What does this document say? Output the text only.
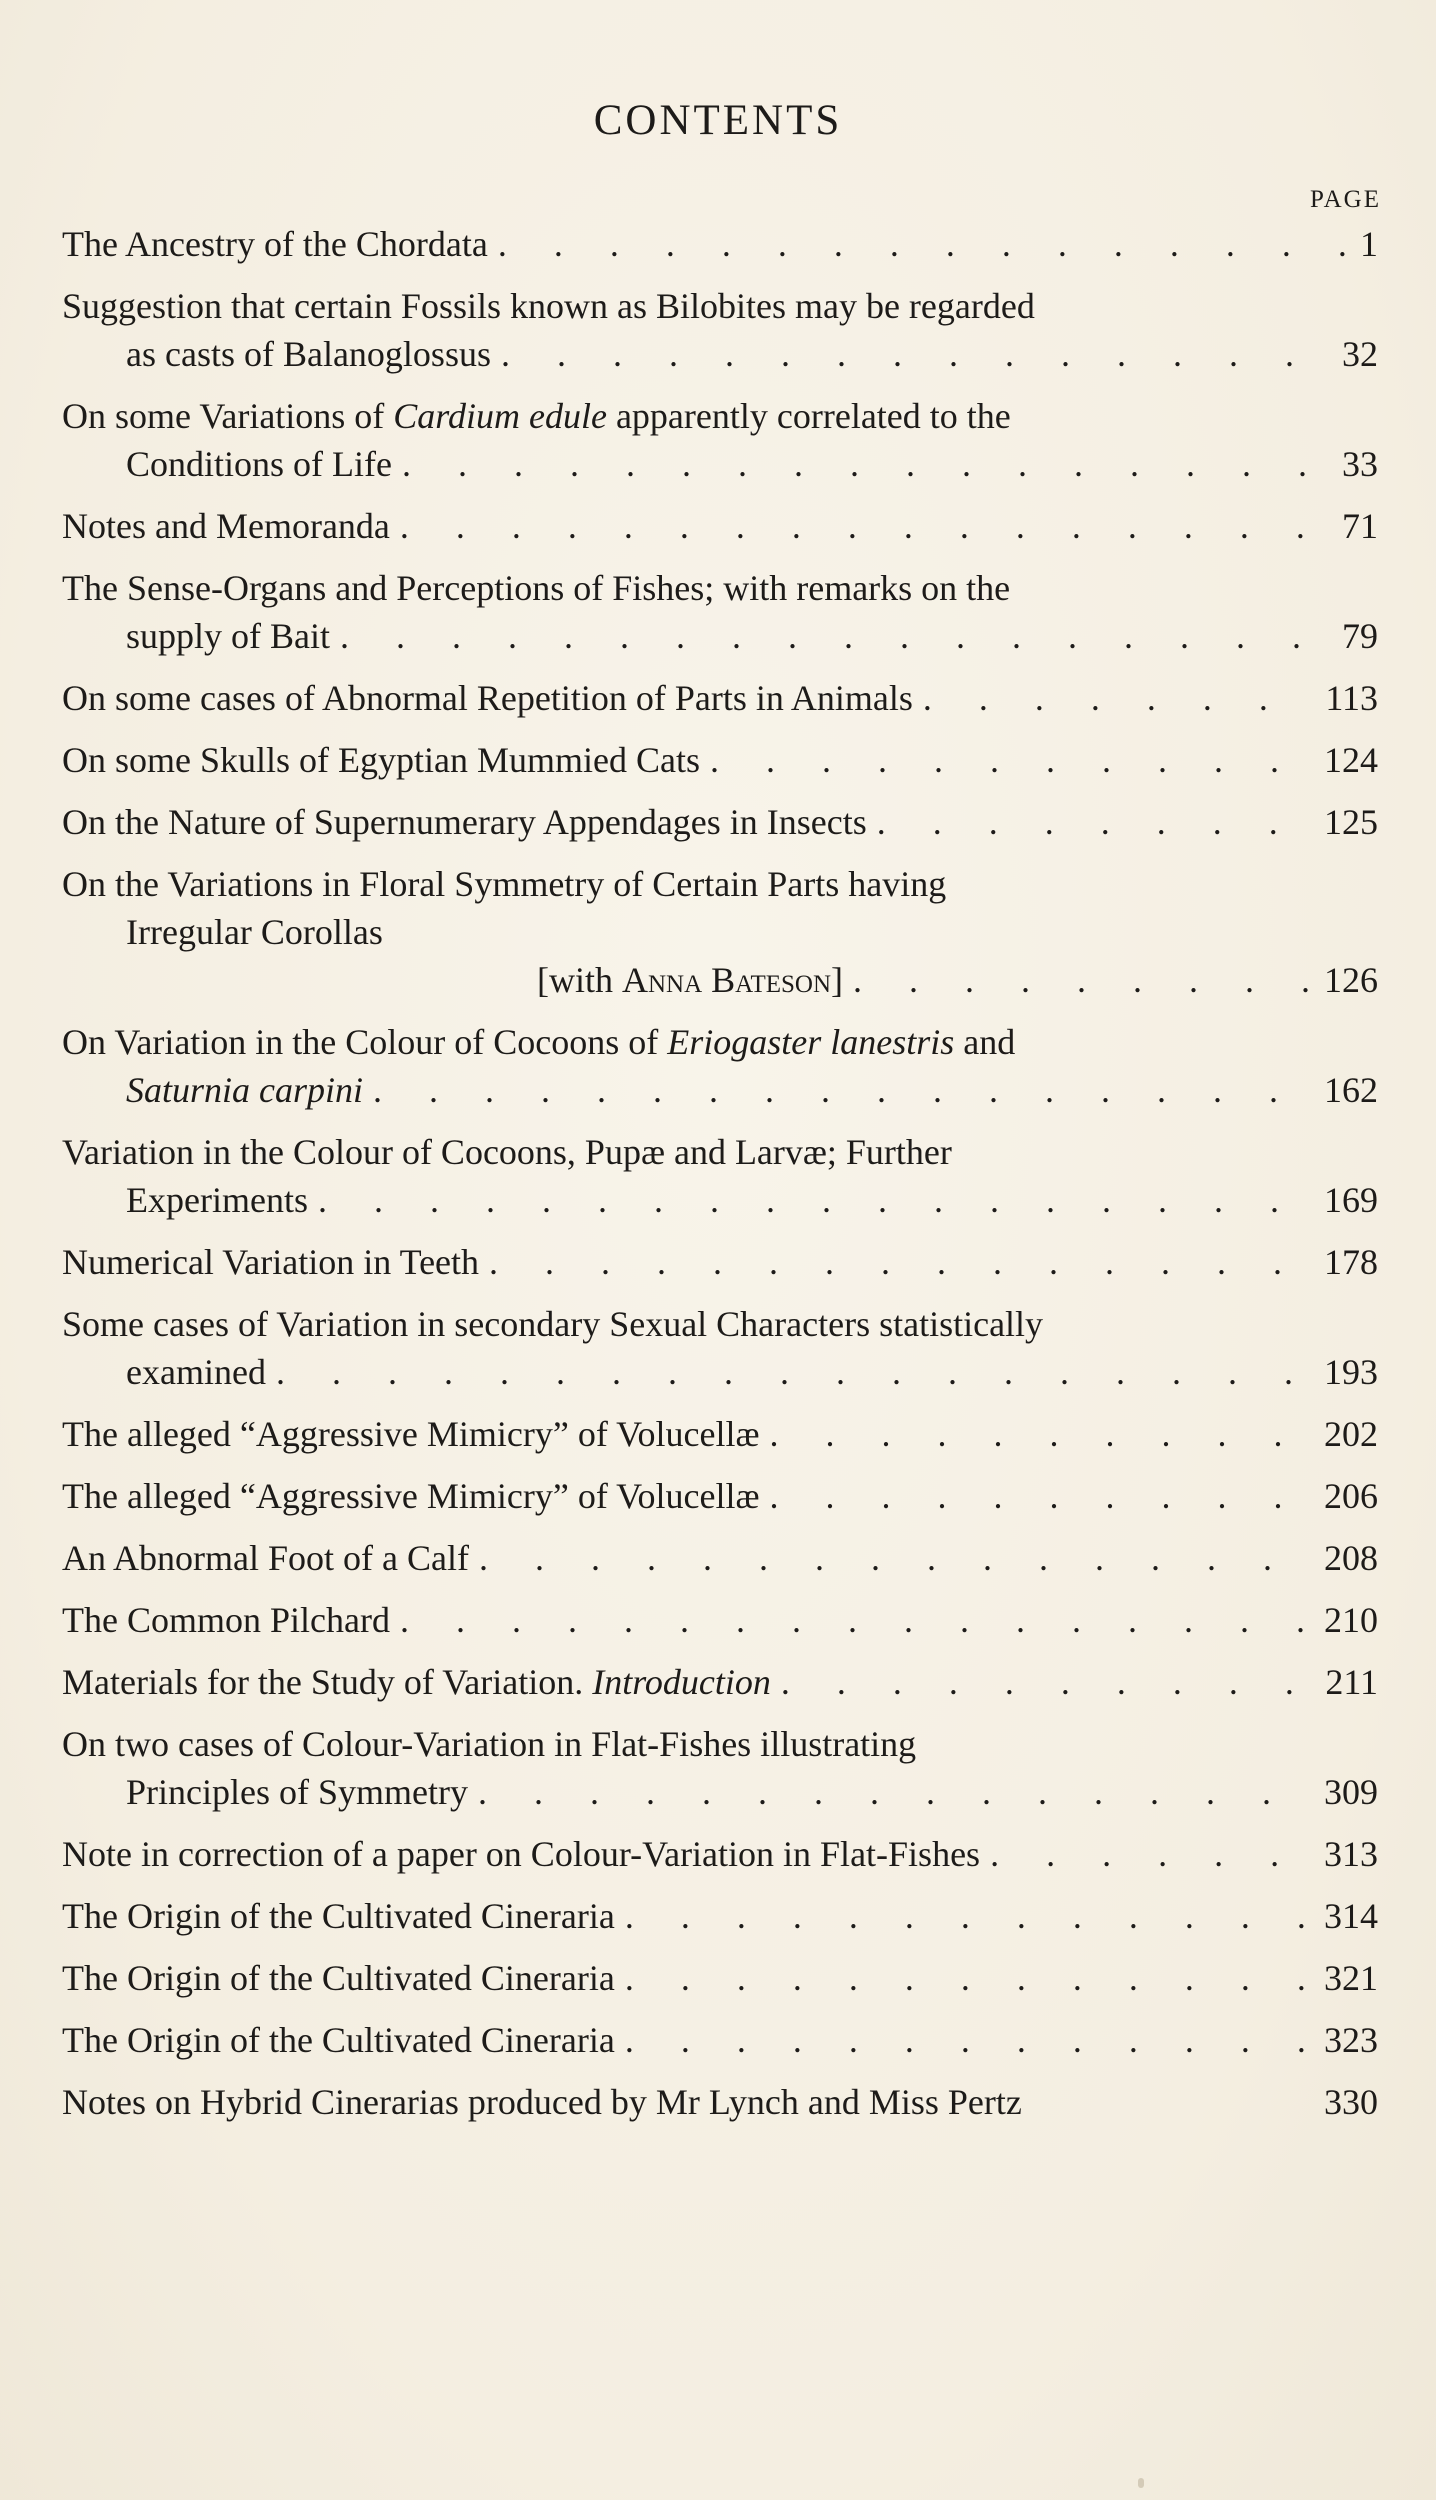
CONTENTS
PAGE
The Ancestry of the Chordata . . .	1
Suggestion that certain Fossils known as Bilobites may be regarded
as casts of Balanoglossus . . .	32
On some Variations of Cardium edule apparently correlated to the
Conditions of Life . . .	33
Notes and Memoranda . . .	71
The Sense-Organs and Perceptions of Fishes; with remarks on the
supply of Bait . . .	79
On some cases of Abnormal Repetition of Parts in Animals . . .	113
On some Skulls of Egyptian Mummied Cats . . .	124
On the Nature of Supernumerary Appendages in Insects . . .	125
On the Variations in Floral Symmetry of Certain Parts having
Irregular Corollas
[with Anna Bateson] . . .	126
On Variation in the Colour of Cocoons of Eriogaster lanestris and
Saturnia carpini . . .	162
Variation in the Colour of Cocoons, Pupæ and Larvæ; Further
Experiments . . .	169
Numerical Variation in Teeth . . .	178
Some cases of Variation in secondary Sexual Characters statistically
examined . . .	193
The alleged “Aggressive Mimicry” of Volucellæ . . .	202
The alleged “Aggressive Mimicry” of Volucellæ . . .	206
An Abnormal Foot of a Calf . . .	208
The Common Pilchard . . .	210
Materials for the Study of Variation. Introduction . . .	211
On two cases of Colour-Variation in Flat-Fishes illustrating
Principles of Symmetry . . .	309
Note in correction of a paper on Colour-Variation in Flat-Fishes . . .	313
The Origin of the Cultivated Cineraria . . .	314
The Origin of the Cultivated Cineraria . . .	321
The Origin of the Cultivated Cineraria . . .	323
Notes on Hybrid Cinerarias produced by Mr Lynch and Miss Pertz	330
